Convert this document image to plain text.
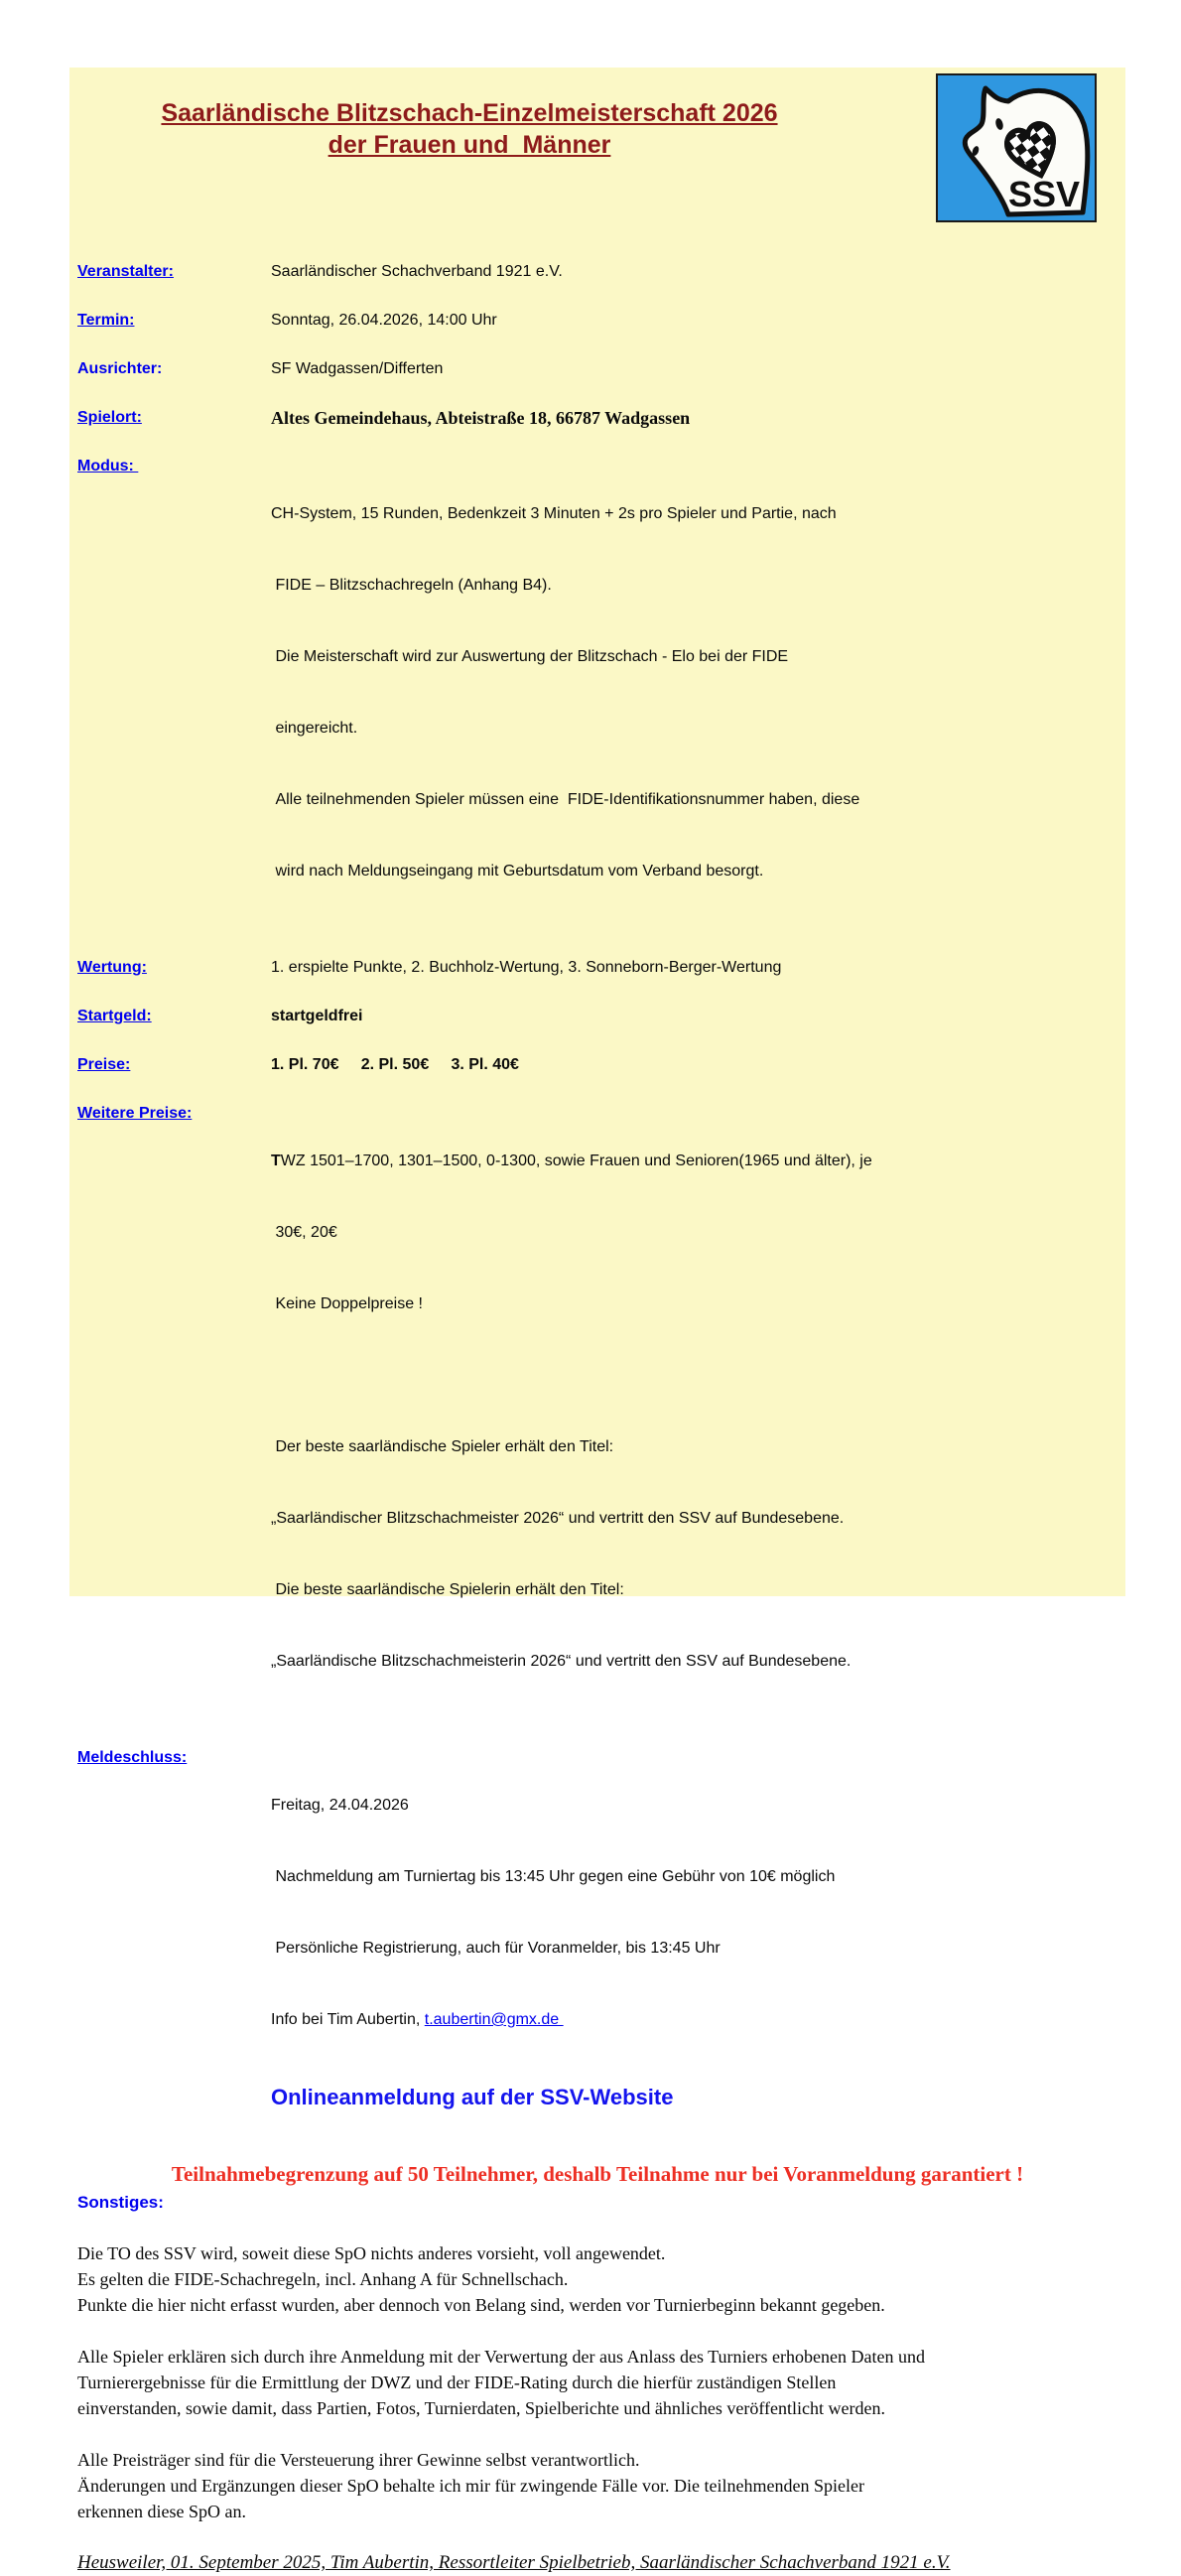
Saarländische Blitzschach-Einzelmeisterschaft 2026
der Frauen und  Männer
SSV
Veranstalter:	Saarländischer Schachverband 1921 e.V.
Termin:	Sonntag, 26.04.2026, 14:00 Uhr
Ausrichter:	SF Wadgassen/Differten
Spielort:	Altes Gemeindehaus, Abteistraße 18, 66787 Wadgassen
Modus:

CH-System, 15 Runden, Bedenkzeit 3 Minuten + 2s pro Spieler und Partie, nach

FIDE – Blitzschachregeln (Anhang B4).

Die Meisterschaft wird zur Auswertung der Blitzschach - Elo bei der FIDE

eingereicht.

Alle teilnehmenden Spieler müssen eine  FIDE-Identifikationsnummer haben, diese

wird nach Meldungseingang mit Geburtsdatum vom Verband besorgt.

Wertung:	1. erspielte Punkte, 2. Buchholz-Wertung, 3. Sonneborn-Berger-Wertung
Startgeld:	startgeldfrei
Preise:	1. Pl. 70€     2. Pl. 50€     3. Pl. 40€
Weitere Preise:

TWZ 1501–1700, 1301–1500, 0-1300, sowie Frauen und Senioren(1965 und älter), je

30€, 20€

Keine Doppelpreise !

Der beste saarländische Spieler erhält den Titel:

„Saarländischer Blitzschachmeister 2026“ und vertritt den SSV auf Bundesebene.

Die beste saarländische Spielerin erhält den Titel:

„Saarländische Blitzschachmeisterin 2026“ und vertritt den SSV auf Bundesebene.

Meldeschluss:

Freitag, 24.04.2026

Nachmeldung am Turniertag bis 13:45 Uhr gegen eine Gebühr von 10€ möglich

Persönliche Registrierung, auch für Voranmelder, bis 13:45 Uhr

Info bei Tim Aubertin, t.aubertin@gmx.de

Onlineanmeldung auf der SSV-Website

Teilnahmebegrenzung auf 50 Teilnehmer, deshalb Teilnahme nur bei Voranmeldung garantiert !
Sonstiges:
Die TO des SSV wird, soweit diese SpO nichts anderes vorsieht, voll angewendet.
Es gelten die FIDE-Schachregeln, incl. Anhang A für Schnellschach.
Punkte die hier nicht erfasst wurden, aber dennoch von Belang sind, werden vor Turnierbeginn bekannt gegeben.
Alle Spieler erklären sich durch ihre Anmeldung mit der Verwertung der aus Anlass des Turniers erhobenen Daten und
Turnierergebnisse für die Ermittlung der DWZ und der FIDE-Rating durch die hierfür zuständigen Stellen
einverstanden, sowie damit, dass Partien, Fotos, Turnierdaten, Spielberichte und ähnliches veröffentlicht werden.
Alle Preisträger sind für die Versteuerung ihrer Gewinne selbst verantwortlich.
Änderungen und Ergänzungen dieser SpO behalte ich mir für zwingende Fälle vor. Die teilnehmenden Spieler
erkennen diese SpO an.
Heusweiler, 01. September 2025, Tim Aubertin, Ressortleiter Spielbetrieb, Saarländischer Schachverband 1921 e.V.
